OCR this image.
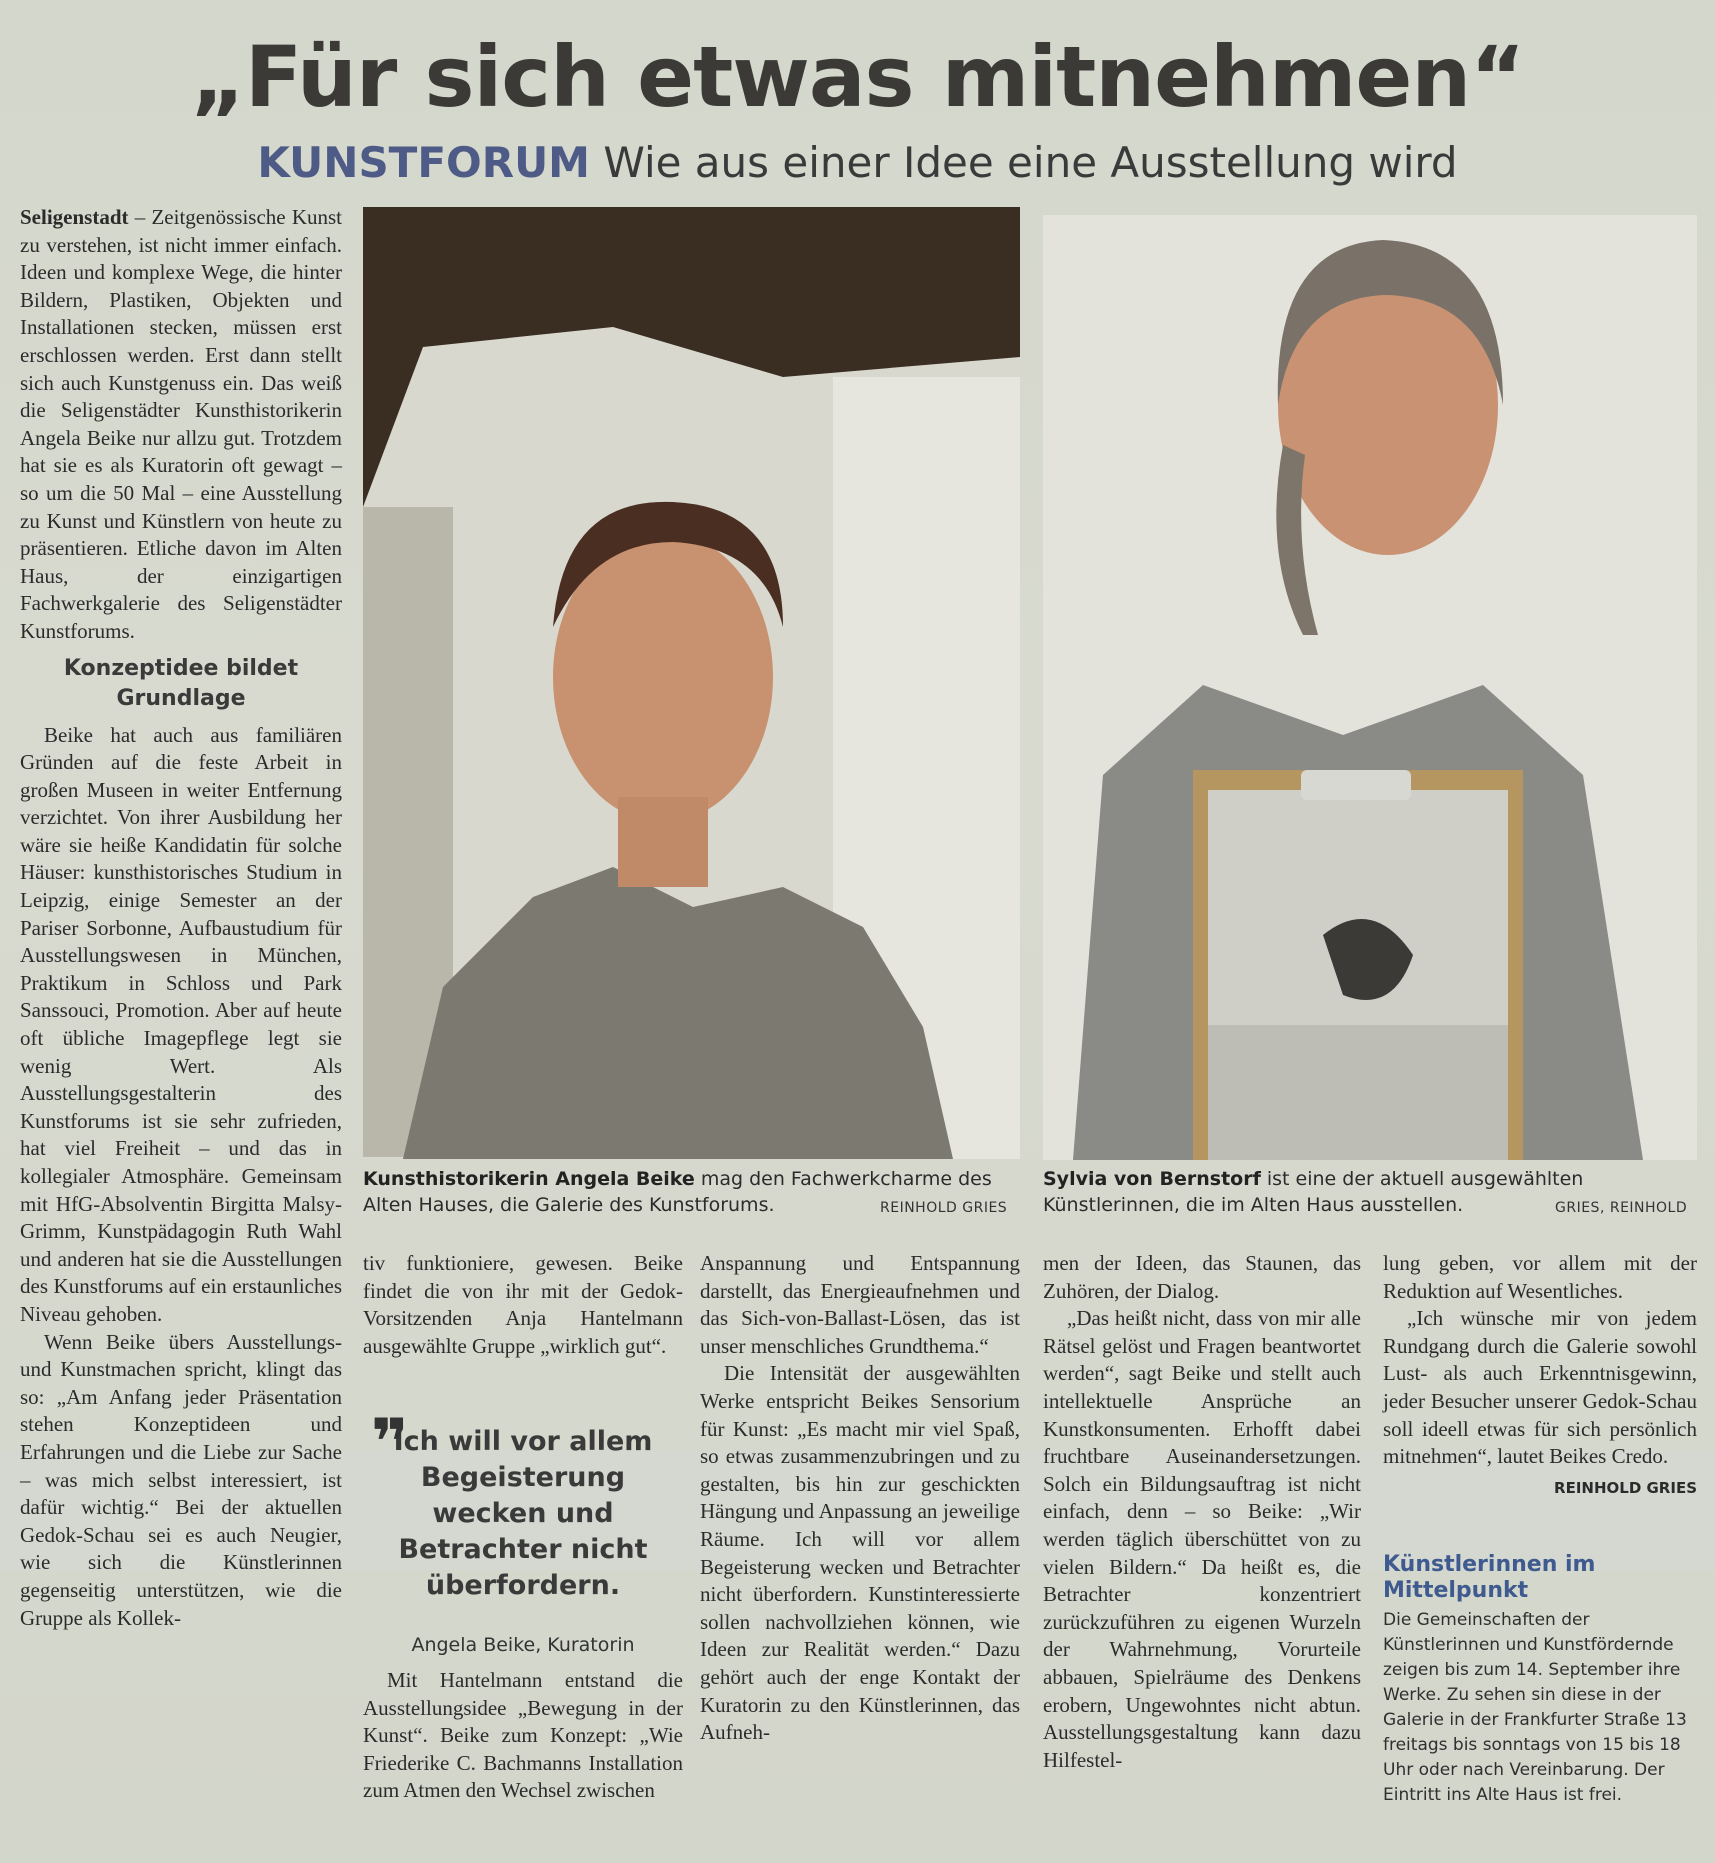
„Für sich etwas mitnehmen“
KUNSTFORUM Wie aus einer Idee eine Ausstellung wird

Seligenstadt – Zeitgenössische Kunst zu verstehen, ist nicht immer einfach. Ideen und komplexe Wege, die hinter Bildern, Plastiken, Objekten und Installationen stecken, müssen erst erschlossen werden. Erst dann stellt sich auch Kunstgenuss ein. Das weiß die Seligenstädter Kunsthistorikerin Angela Beike nur allzu gut. Trotzdem hat sie es als Kuratorin oft gewagt – so um die 50 Mal – eine Ausstellung zu Kunst und Künstlern von heute zu präsentieren. Etliche davon im Alten Haus, der einzigartigen Fachwerkgalerie des Seligenstädter Kunstforums.

Konzeptidee bildet Grundlage

Beike hat auch aus familiären Gründen auf die feste Arbeit in großen Museen in weiter Entfernung verzichtet. Von ihrer Ausbildung her wäre sie heiße Kandidatin für solche Häuser: kunsthistorisches Studium in Leipzig, einige Semester an der Pariser Sorbonne, Aufbaustudium für Ausstellungswesen in München, Praktikum in Schloss und Park Sanssouci, Promotion. Aber auf heute oft übliche Imagepflege legt sie wenig Wert. Als Ausstellungsgestalterin des Kunstforums ist sie sehr zufrieden, hat viel Freiheit – und das in kollegialer Atmosphäre. Gemeinsam mit HfG-Absolventin Birgitta Malsy-Grimm, Kunstpädagogin Ruth Wahl und anderen hat sie die Ausstellungen des Kunstforums auf ein erstaunliches Niveau gehoben.

Wenn Beike übers Ausstellungs- und Kunstmachen spricht, klingt das so: „Am Anfang jeder Präsentation stehen Konzeptideen und Erfahrungen und die Liebe zur Sache – was mich selbst interessiert, ist dafür wichtig.“ Bei der aktuellen Gedok-Schau sei es auch Neugier, wie sich die Künstlerinnen gegenseitig unterstützen, wie die Gruppe als Kollek-

Kunsthistorikerin Angela Beike mag den Fachwerkcharme des Alten Hauses, die Galerie des Kunstforums.	REINHOLD GRIES
Sylvia von Bernstorf ist eine der aktuell ausgewählten Künstlerinnen, die im Alten Haus ausstellen.	GRIES, REINHOLD

tiv funktioniere, gewesen. Beike findet die von ihr mit der Gedok-Vorsitzenden Anja Hantelmann ausgewählte Gruppe „wirklich gut“.

❞
Ich will vor allem Begeisterung wecken und Betrachter nicht überfordern.
Angela Beike, Kuratorin

Mit Hantelmann entstand die Ausstellungsidee „Bewegung in der Kunst“. Beike zum Konzept: „Wie Friederike C. Bachmanns Installation zum Atmen den Wechsel zwischen

Anspannung und Entspannung darstellt, das Energieaufnehmen und das Sich-von-Ballast-Lösen, das ist unser menschliches Grundthema.“

Die Intensität der ausgewählten Werke entspricht Beikes Sensorium für Kunst: „Es macht mir viel Spaß, so etwas zusammenzubringen und zu gestalten, bis hin zur geschickten Hängung und Anpassung an jeweilige Räume. Ich will vor allem Begeisterung wecken und Betrachter nicht überfordern. Kunstinteressierte sollen nachvollziehen können, wie Ideen zur Realität werden.“ Dazu gehört auch der enge Kontakt der Kuratorin zu den Künstlerinnen, das Aufneh-

men der Ideen, das Staunen, das Zuhören, der Dialog.

„Das heißt nicht, dass von mir alle Rätsel gelöst und Fragen beantwortet werden“, sagt Beike und stellt auch intellektuelle Ansprüche an Kunstkonsumenten. Erhofft dabei fruchtbare Auseinandersetzungen. Solch ein Bildungsauftrag ist nicht einfach, denn – so Beike: „Wir werden täglich überschüttet von zu vielen Bildern.“ Da heißt es, die Betrachter konzentriert zurückzuführen zu eigenen Wurzeln der Wahrnehmung, Vorurteile abbauen, Spielräume des Denkens erobern, Ungewohntes nicht abtun. Ausstellungsgestaltung kann dazu Hilfestel-

lung geben, vor allem mit der Reduktion auf Wesentliches.

„Ich wünsche mir von jedem Rundgang durch die Galerie sowohl Lust- als auch Erkenntnisgewinn, jeder Besucher unserer Gedok-Schau soll ideell etwas für sich persönlich mitnehmen“, lautet Beikes Credo.

REINHOLD GRIES
Künstlerinnen im Mittelpunkt
Die Gemeinschaften der Künstlerinnen und Kunstfördernde zeigen bis zum 14. September ihre Werke. Zu sehen sin diese in der Galerie in der Frankfurter Straße 13 freitags bis sonntags von 15 bis 18 Uhr oder nach Vereinbarung. Der Eintritt ins Alte Haus ist frei.
